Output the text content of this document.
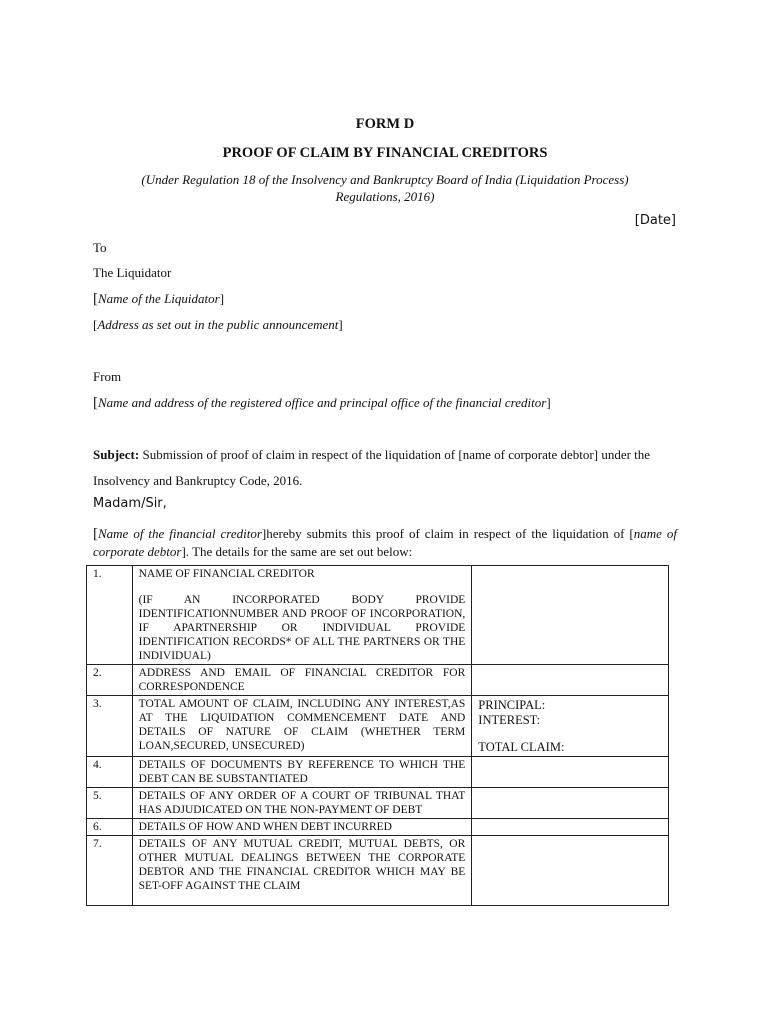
FORM D
PROOF OF CLAIM BY FINANCIAL CREDITORS
(Under Regulation 18 of the Insolvency and Bankruptcy Board of India (Liquidation Process)
Regulations, 2016)
[Date]
To
The Liquidator
[Name of the Liquidator]
[Address as set out in the public announcement]
From
[Name and address of the registered office and principal office of the financial creditor]
Subject: Submission of proof of claim in respect of the liquidation of [name of corporate debtor] under the
Insolvency and Bankruptcy Code, 2016.
Madam/Sir,
[Name of the financial creditor]hereby submits this proof of claim in respect of the liquidation of [name of corporate debtor]. The details for the same are set out below:
1.	NAME OF FINANCIAL CREDITOR
(IF AN INCORPORATED BODY PROVIDE IDENTIFICATIONNUMBER AND PROOF OF INCORPORATION, IF APARTNERSHIP OR INDIVIDUAL PROVIDE IDENTIFICATION RECORDS* OF ALL THE PARTNERS OR THE INDIVIDUAL)	

2.	ADDRESS AND EMAIL OF FINANCIAL CREDITOR FOR CORRESPONDENCE	
3.	TOTAL AMOUNT OF CLAIM, INCLUDING ANY INTEREST,AS AT THE LIQUIDATION COMMENCEMENT DATE AND DETAILS OF NATURE OF CLAIM (WHETHER TERM LOAN,SECURED, UNSECURED)	PRINCIPAL:
INTEREST:
TOTAL CLAIM:

4.	DETAILS OF DOCUMENTS BY REFERENCE TO WHICH THE DEBT CAN BE SUBSTANTIATED	
5.	DETAILS OF ANY ORDER OF A COURT OF TRIBUNAL THAT HAS ADJUDICATED ON THE NON-PAYMENT OF DEBT	
6.	DETAILS OF HOW AND WHEN DEBT INCURRED	
7.	DETAILS OF ANY MUTUAL CREDIT, MUTUAL DEBTS, OR OTHER MUTUAL DEALINGS BETWEEN THE CORPORATE DEBTOR AND THE FINANCIAL CREDITOR WHICH MAY BE SET-OFF AGAINST THE CLAIM	
